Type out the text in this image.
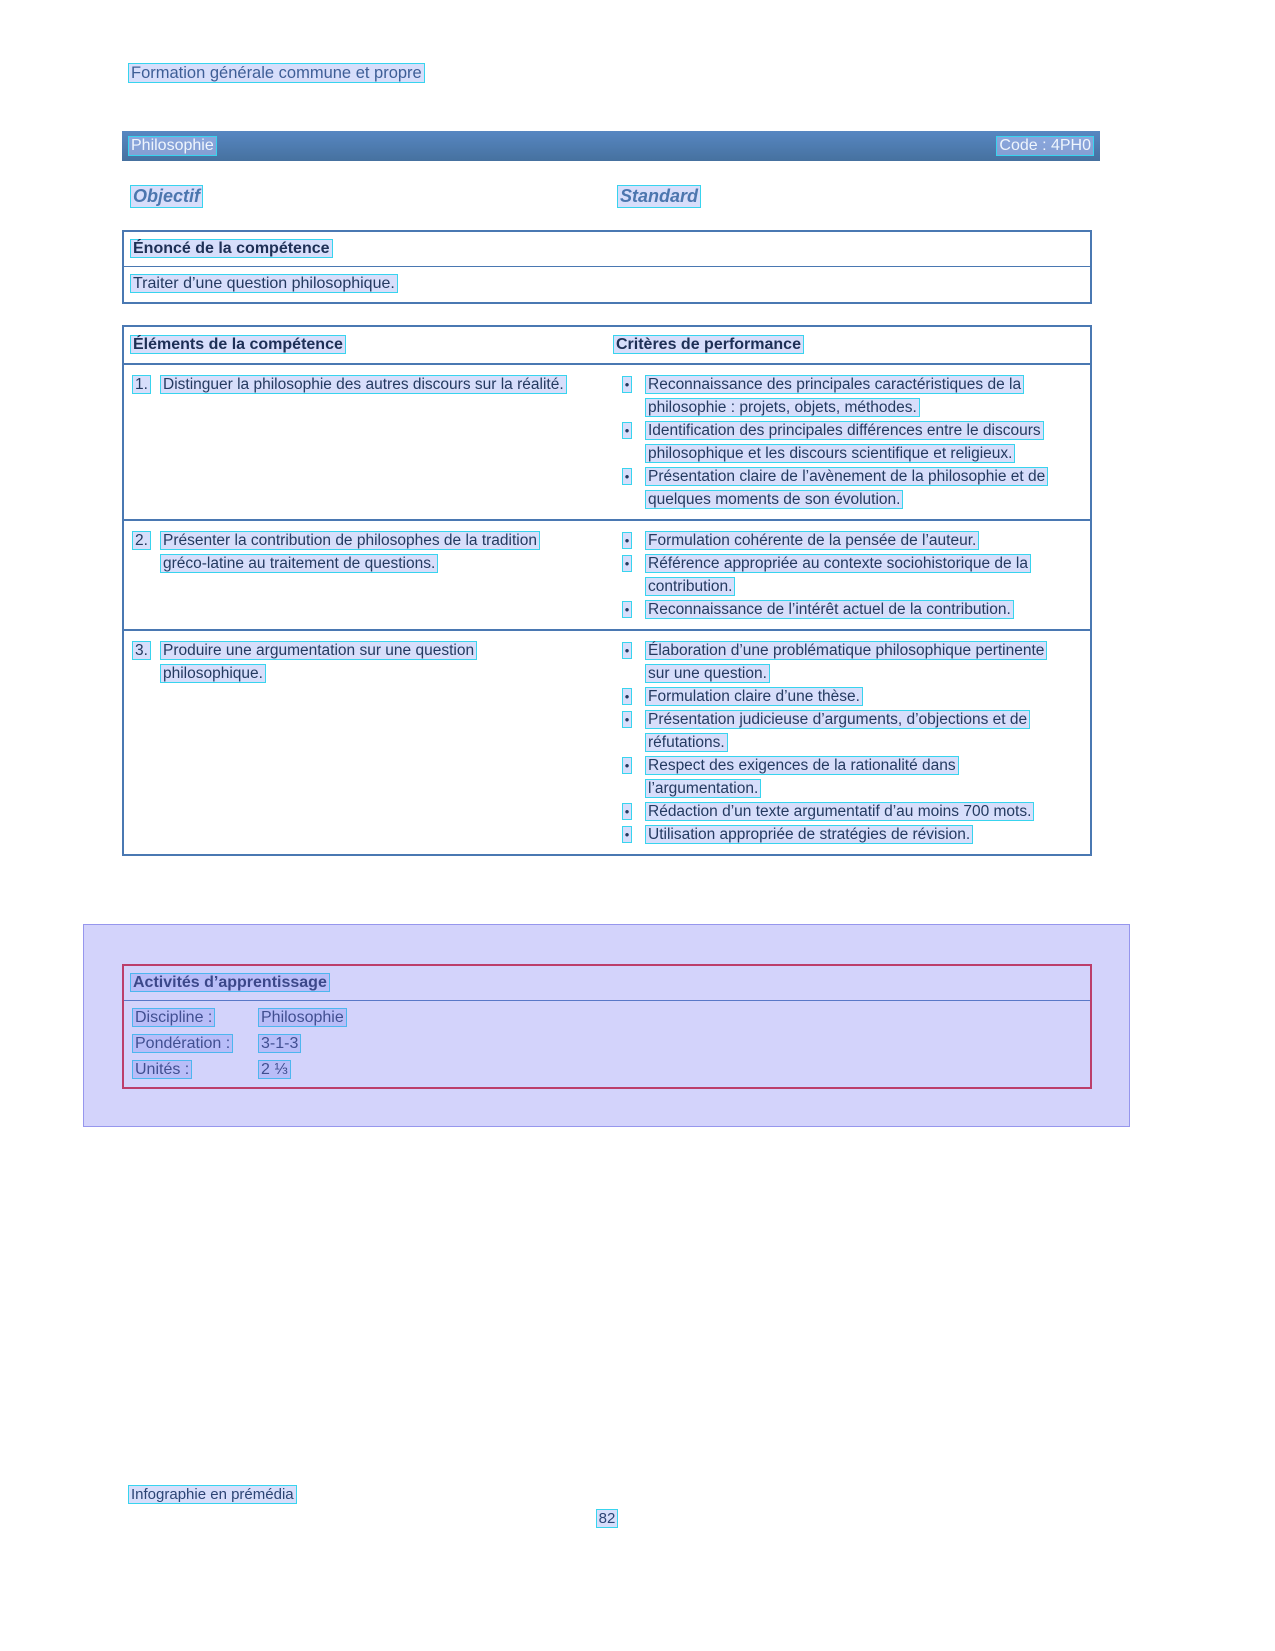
Formation générale commune et propre
Philosophie	Code : 4PH0
Objectif	Standard
Énoncé de la compétence
Traiter d’une question philosophique.
Éléments de la compétence	Critères de performance
1. Distinguer la philosophie des autres discours sur la réalité.	•	Reconnaissance des principales caractéristiques de la philosophie : projets, objets, méthodes.
•	Identification des principales différences entre le discours philosophique et les discours scientifique et religieux.
•	Présentation claire de l’avènement de la philosophie et de quelques moments de son évolution.
2. Présenter la contribution de philosophes de la tradition gréco-latine au traitement de questions.
•	Formulation cohérente de la pensée de l’auteur.
•	Référence appropriée au contexte sociohistorique de la contribution.
•	Reconnaissance de l’intérêt actuel de la contribution.
3. Produire une argumentation sur une question philosophique.
•	Élaboration d’une problématique philosophique pertinente sur une question.
•	Formulation claire d’une thèse.
•	Présentation judicieuse d’arguments, d’objections et de réfutations.
•	Respect des exigences de la rationalité dans l’argumentation.
•	Rédaction d’un texte argumentatif d’au moins 700 mots.
•	Utilisation appropriée de stratégies de révision.
Activités d’apprentissage
Discipline :	Philosophie
Pondération :	3-1-3
Unités :	2 ⅓
Infographie en prémédia
82
